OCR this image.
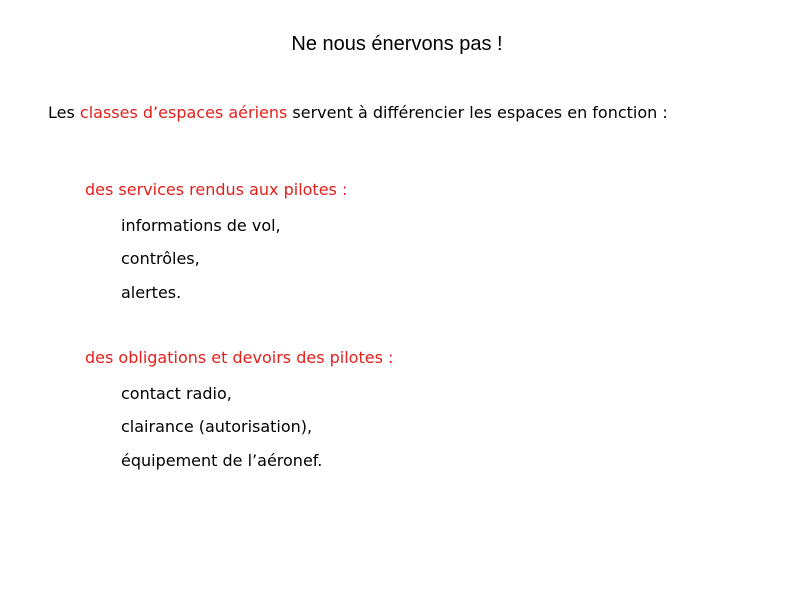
Ne nous énervons pas !
Les classes d’espaces aériens servent à différencier les espaces en fonction :
des services rendus aux pilotes :
informations de vol,
contrôles,
alertes.
des obligations et devoirs des pilotes :
contact radio,
clairance (autorisation),
équipement de l’aéronef.
